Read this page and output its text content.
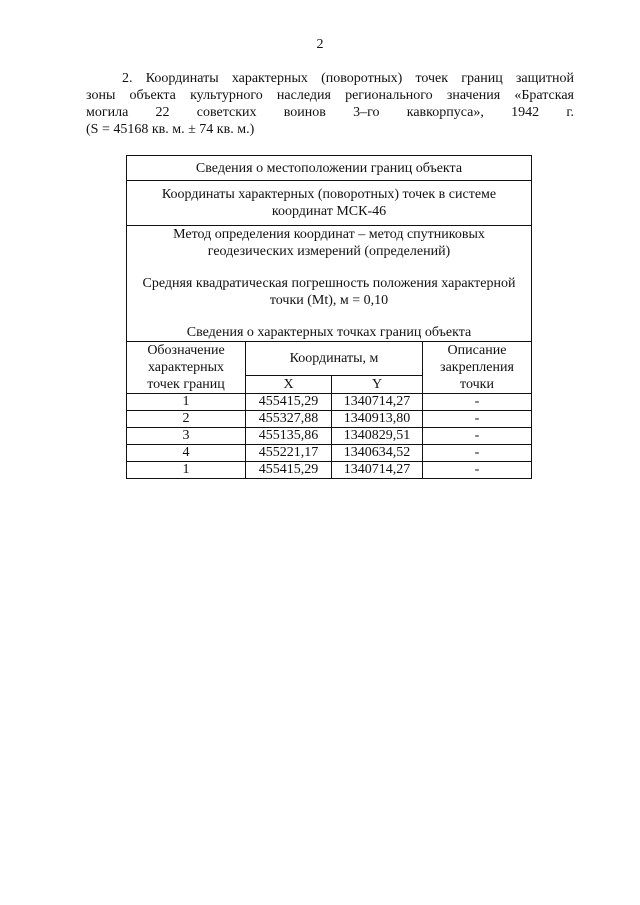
2
2. Координаты характерных (поворотных) точек границ защитной
зоны объекта культурного наследия регионального значения «Братская
могила 22 советских воинов 3–го кавкорпуса», 1942 г.
(S = 45168 кв. м. ± 74 кв. м.)
Сведения о местоположении границ объекта			
Координаты характерных (поворотных) точек в системе координат МСК-46			

Метод определения координат – метод спутниковых геодезических измерений (определений)

Средняя квадратическая погрешность положения характерной точки (Mt), м = 0,10

Сведения о характерных точках границ объекта			

Обозначение характерных точек границ	Координаты, м		Описание закрепления точки
	X	Y	
1	455415,29	1340714,27	-
2	455327,88	1340913,80	-
3	455135,86	1340829,51	-
4	455221,17	1340634,52	-
1	455415,29	1340714,27	-
